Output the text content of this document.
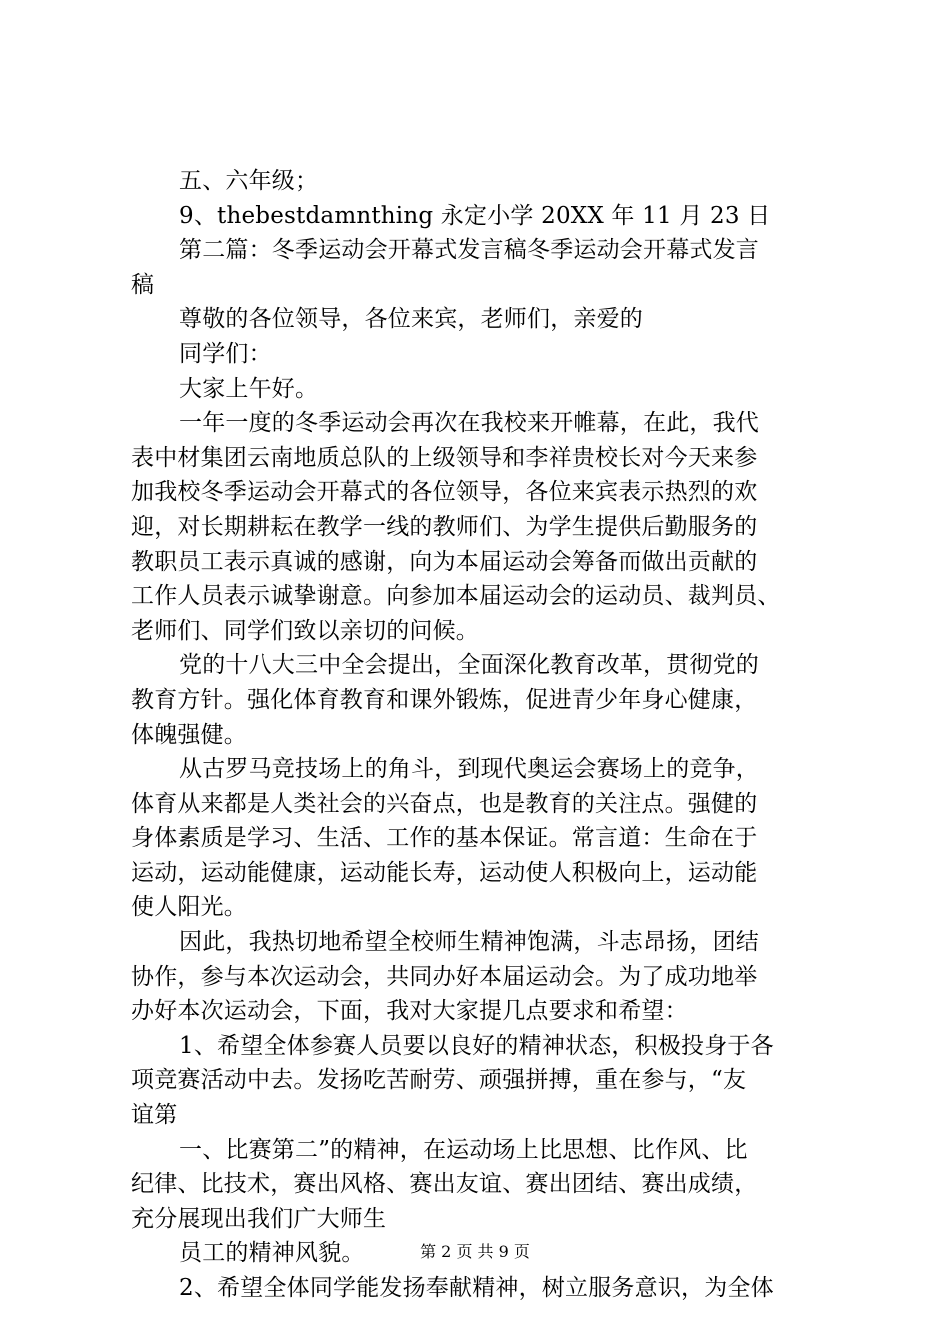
五、六年级；
9、thebestdamnthing 永定小学 20XX 年 11 月 23 日
第二篇：冬季运动会开幕式发言稿冬季运动会开幕式发言
稿
尊敬的各位领导，各位来宾，老师们，亲爱的
同学们：
大家上午好。
一年一度的冬季运动会再次在我校来开帷幕，在此，我代
表中材集团云南地质总队的上级领导和李祥贵校长对今天来参
加我校冬季运动会开幕式的各位领导，各位来宾表示热烈的欢
迎，对长期耕耘在教学一线的教师们、为学生提供后勤服务的
教职员工表示真诚的感谢，向为本届运动会筹备而做出贡献的
工作人员表示诚挚谢意。向参加本届运动会的运动员、裁判员、
老师们、同学们致以亲切的问候。
党的十八大三中全会提出，全面深化教育改革，贯彻党的
教育方针。强化体育教育和课外锻炼，促进青少年身心健康，
体魄强健。
从古罗马竞技场上的角斗，到现代奥运会赛场上的竞争，
体育从来都是人类社会的兴奋点，也是教育的关注点。强健的
身体素质是学习、生活、工作的基本保证。常言道：生命在于
运动，运动能健康，运动能长寿，运动使人积极向上，运动能
使人阳光。
因此，我热切地希望全校师生精神饱满，斗志昂扬，团结
协作，参与本次运动会，共同办好本届运动会。为了成功地举
办好本次运动会，下面，我对大家提几点要求和希望：
1、希望全体参赛人员要以良好的精神状态，积极投身于各
项竞赛活动中去。发扬吃苦耐劳、顽强拼搏，重在参与，“友
谊第
一、比赛第二”的精神，在运动场上比思想、比作风、比
纪律、比技术，赛出风格、赛出友谊、赛出团结、赛出成绩，
充分展现出我们广大师生
员工的精神风貌。
2、希望全体同学能发扬奉献精神，树立服务意识，为全体
第 2 页 共 9 页
